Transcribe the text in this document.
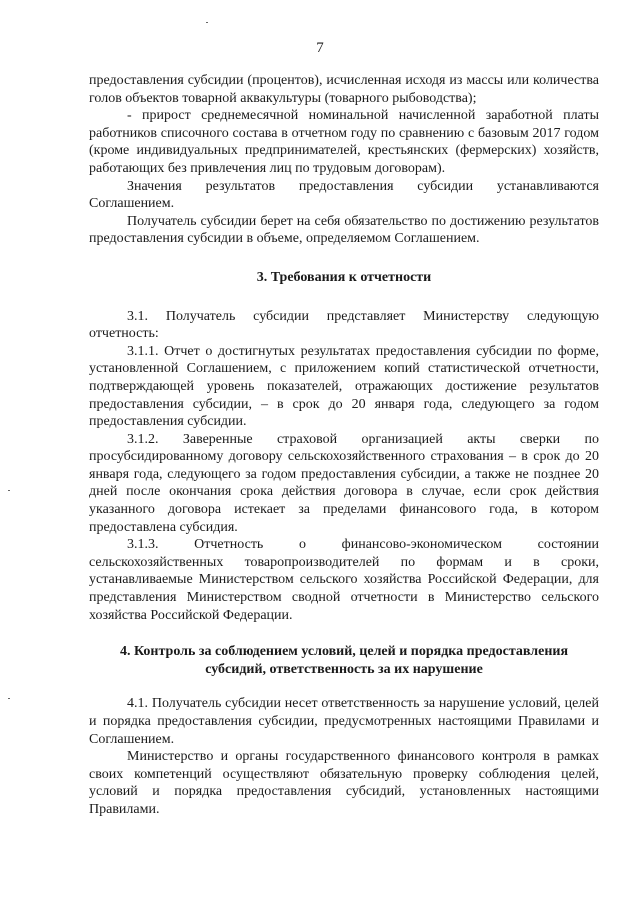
7

предоставления субсидии (процентов), исчисленная исходя из массы или количества голов объектов товарной аквакультуры (товарного рыбоводства);

- прирост среднемесячной номинальной начисленной заработной платы работников списочного состава в отчетном году по сравнению с базовым 2017 годом (кроме индивидуальных предпринимателей, крестьянских (фермерских) хозяйств, работающих без привлечения лиц по трудовым договорам).

Значения результатов предоставления субсидии устанавливаются Соглашением.

Получатель субсидии берет на себя обязательство по достижению результатов предоставления субсидии в объеме, определяемом Соглашением.

3. Требования к отчетности

3.1. Получатель субсидии представляет Министерству следующую отчетность:

3.1.1. Отчет о достигнутых результатах предоставления субсидии по форме, установленной Соглашением, с приложением копий статистической отчетности, подтверждающей уровень показателей, отражающих достижение результатов предоставления субсидии, – в срок до 20 января года, следующего за годом предоставления субсидии.

3.1.2. Заверенные страховой организацией акты сверки по просубсидированному договору сельскохозяйственного страхования – в срок до 20 января года, следующего за годом предоставления субсидии, а также не позднее 20 дней после окончания срока действия договора в случае, если срок действия указанного договора истекает за пределами финансового года, в котором предоставлена субсидия.

3.1.3. Отчетность о финансово-экономическом состоянии сельскохозяйственных товаропроизводителей по формам и в сроки, устанавливаемые Министерством сельского хозяйства Российской Федерации, для представления Министерством сводной отчетности в Министерство сельского хозяйства Российской Федерации.

4. Контроль за соблюдением условий, целей и порядка предоставления субсидий, ответственность за их нарушение

4.1. Получатель субсидии несет ответственность за нарушение условий, целей и порядка предоставления субсидии, предусмотренных настоящими Правилами и Соглашением.

Министерство и органы государственного финансового контроля в рамках своих компетенций осуществляют обязательную проверку соблюдения целей, условий и порядка предоставления субсидий, установленных настоящими Правилами.
